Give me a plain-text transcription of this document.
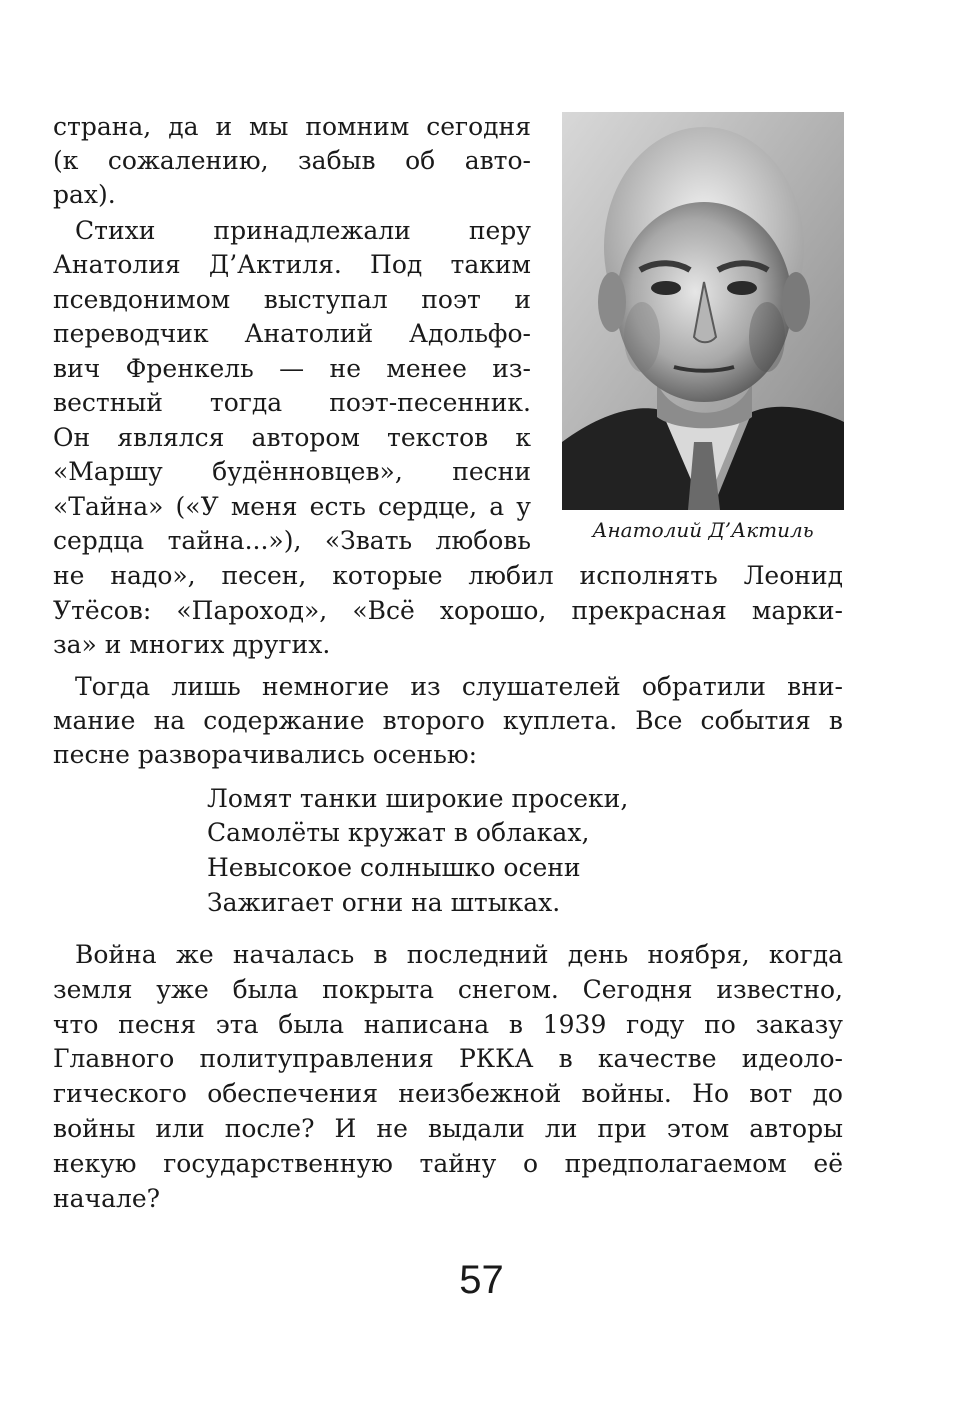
страна, да и мы помним сегодня
(к сожалению, забыв об авто-
рах).
Стихи принадлежали перу
Анатолия Д’Актиля. Под таким
псевдонимом выступал поэт и
переводчик Анатолий Адольфо-
вич Френкель — не менее из-
вестный тогда поэт-песенник.
Он являлся автором текстов к
«Маршу будённовцев», песни
«Тайна» («У меня есть сердце, а у
сердца тайна...»), «Звать любовь
не надо», песен, которые любил исполнять Леонид
Утёсов: «Пароход», «Всё хорошо, прекрасная марки-
за» и многих других.
Тогда лишь немногие из слушателей обратили вни-
мание на содержание второго куплета. Все события в
песне разворачивались осенью:
Ломят танки широкие просеки,
Самолёты кружат в облаках,
Невысокое солнышко осени
Зажигает огни на штыках.
Война же началась в последний день ноября, когда
земля уже была покрыта снегом. Сегодня известно,
что песня эта была написана в 1939 году по заказу
Главного политуправления РККА в качестве идеоло-
гического обеспечения неизбежной войны. Но вот до
войны или после? И не выдали ли при этом авторы
некую государственную тайну о предполагаемом её
начале?
Анатолий Д’Актиль
57
